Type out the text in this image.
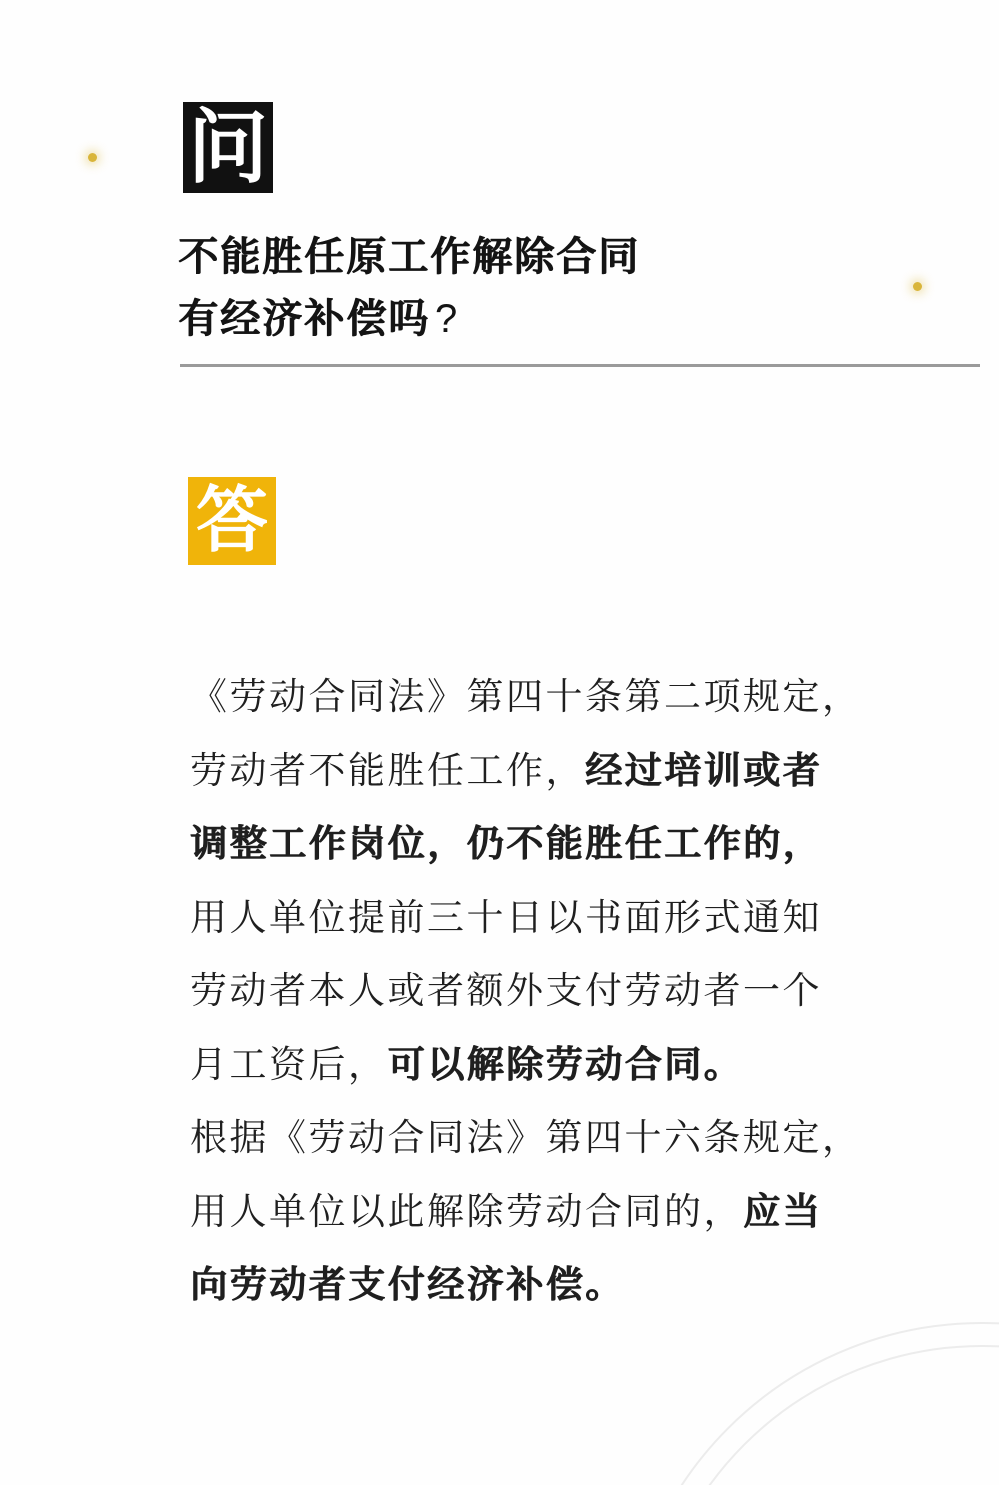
问
不能胜任原工作解除合同
有经济补偿吗 ?
答
《劳动合同法》第四十条第二项规定，
劳动者不能胜任工作，经过培训或者
调整工作岗位，仍不能胜任工作的，
用人单位提前三十日以书面形式通知
劳动者本人或者额外支付劳动者一个
月工资后，可以解除劳动合同。
根据《劳动合同法》第四十六条规定，
用人单位以此解除劳动合同的，应当
向劳动者支付经济补偿。
